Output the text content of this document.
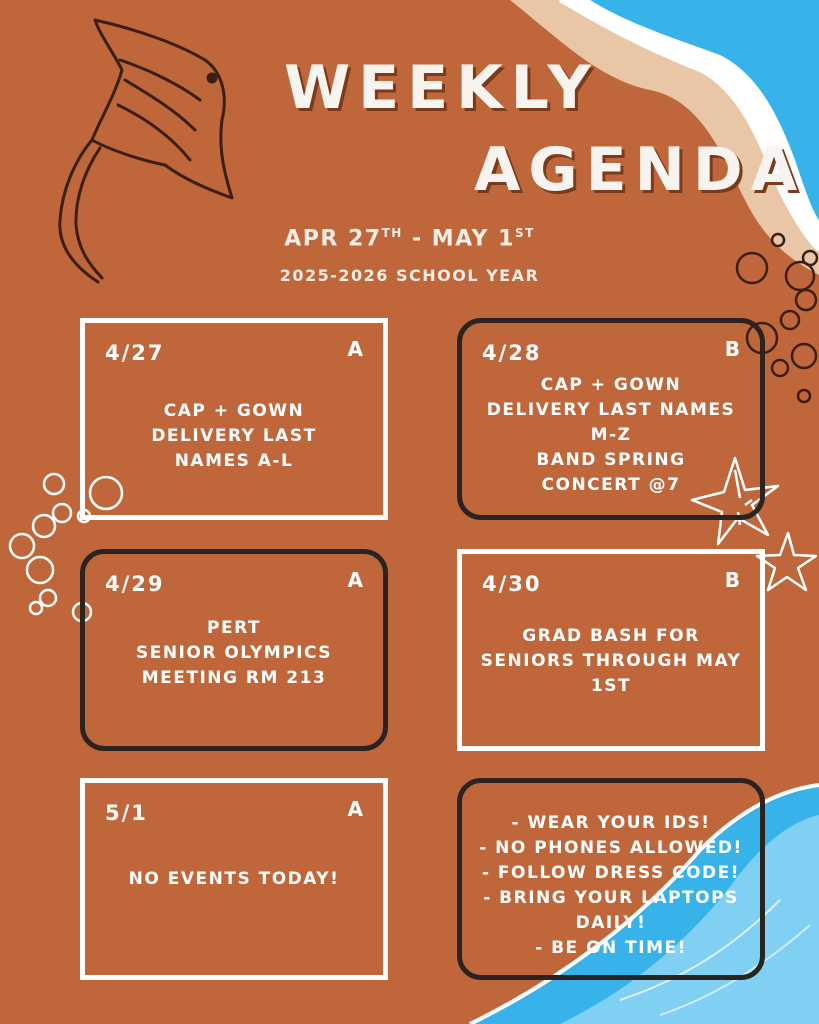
WEEKLY
AGENDA
APR 27TH - MAY 1ST
2025-2026 SCHOOL YEAR
4/27	A
CAP + GOWN
DELIVERY LAST
NAMES A-L
4/28	B
CAP + GOWN
DELIVERY LAST NAMES
M-Z
BAND SPRING
CONCERT @7
4/29	A
PERT
SENIOR OLYMPICS
MEETING RM 213
4/30	B
GRAD BASH FOR
SENIORS THROUGH MAY
1ST
5/1	A
NO EVENTS TODAY!
- WEAR YOUR IDS!
- NO PHONES ALLOWED!
- FOLLOW DRESS CODE!
- BRING YOUR LAPTOPS
DAILY!
- BE ON TIME!
